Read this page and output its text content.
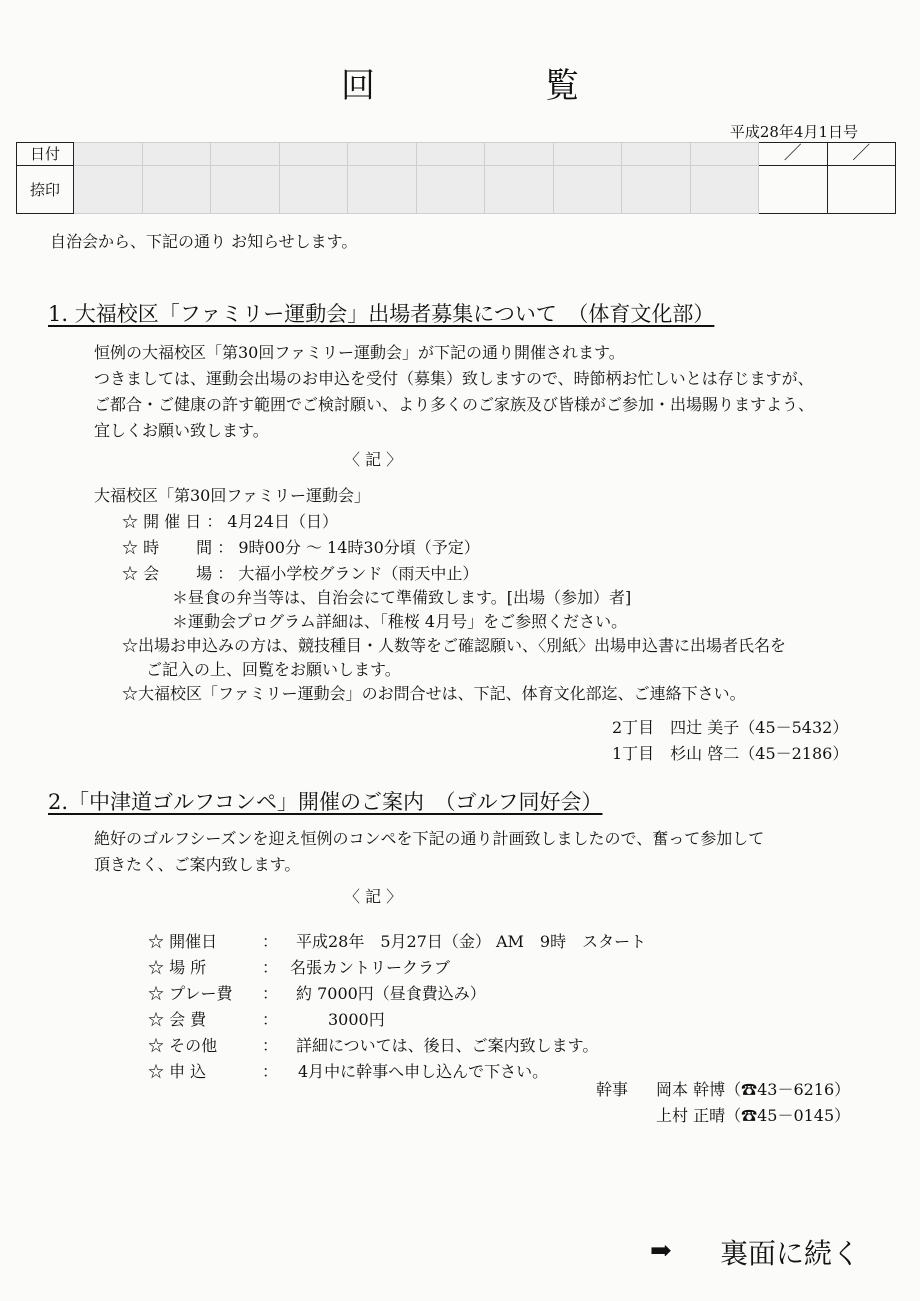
回	覧
平成28年4月1日号
日付											／	／
捺印												
自治会から、下記の通り お知らせします。
1. 大福校区「ファミリー運動会」出場者募集について　（体育文化部）
恒例の大福校区「第30回ファミリー運動会」が下記の通り開催されます。
つきましては、運動会出場のお申込を受付（募集）致しますので、時節柄お忙しいとは存じますが、
ご都合・ご健康の許す範囲でご検討願い、より多くのご家族及び皆様がご参加・出場賜りますよう、
宜しくお願い致します。
〈 記 〉
大福校区「第30回ファミリー運動会」
☆ 開 催 日 ： 4月24日（日）
☆ 時　　 間 ： 9時00分 ～ 14時30分頃（予定）
☆ 会　　 場 ： 大福小学校グランド（雨天中止）
＊昼食の弁当等は、自治会にて準備致します。[出場（参加）者]
＊運動会プログラム詳細は、「稚桜 4月号」をご参照ください。
☆出場お申込みの方は、競技種目・人数等をご確認願い、〈別紙〉出場申込書に出場者氏名を
ご記入の上、回覧をお願いします。
☆大福校区「ファミリー運動会」のお問合せは、下記、体育文化部迄、ご連絡下さい。
2丁目　四辻 美子（45－5432）
1丁目　杉山 啓二（45－2186）
2.「中津道ゴルフコンペ」開催のご案内　（ゴルフ同好会）
絶好のゴルフシーズンを迎え恒例のコンペを下記の通り計画致しましたので、奮って参加して
頂きたく、ご案内致します。
〈 記 〉
☆ 開催日	： 平成28年　5月27日（金） AM　9時　スタート
☆ 場 所	： 名張カントリークラブ
☆ プレー費 ： 約 7000円（昼食費込み）
☆ 会 費	： 　　3000円
☆ その他	： 詳細については、後日、ご案内致します。
☆ 申 込	： 4月中に幹事へ申し込んで下さい。
幹事 岡本 幹博（☎43－6216）
上村 正晴（☎45－0145）
➡ 裏面に続く
